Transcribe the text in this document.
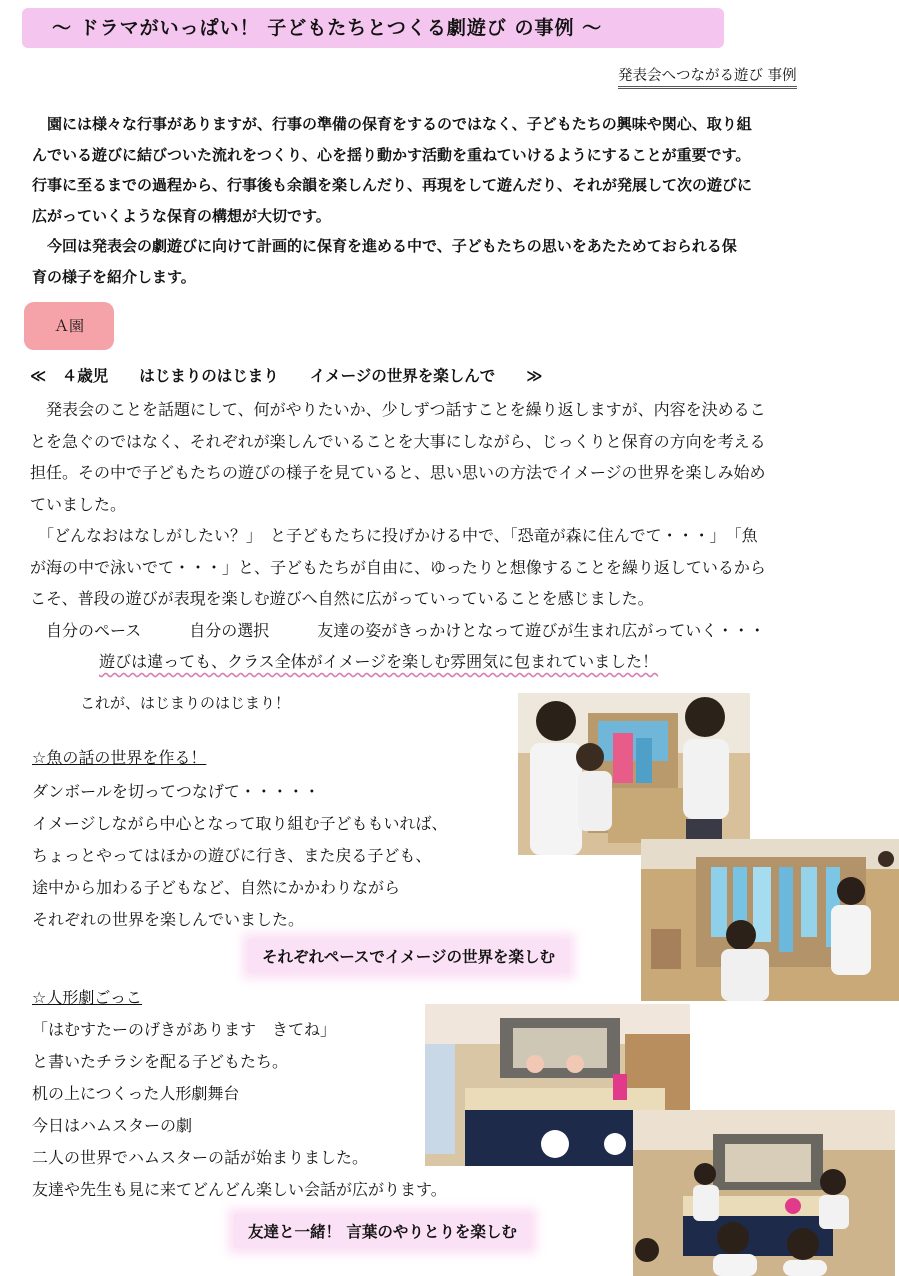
～ ドラマがいっぱい！ 子どもたちとつくる劇遊び の事例 ～
発表会へつながる遊び 事例

　園には様々な行事がありますが、行事の準備の保育をするのではなく、子どもたちの興味や関心、取り組

んでいる遊びに結びついた流れをつくり、心を揺り動かす活動を重ねていけるようにすることが重要です。

行事に至るまでの過程から、行事後も余韻を楽しんだり、再現をして遊んだり、それが発展して次の遊びに

広がっていくような保育の構想が大切です。

　今回は発表会の劇遊びに向けて計画的に保育を進める中で、子どもたちの思いをあたためておられる保

育の様子を紹介します。

Ａ園
≪　４歳児　　はじまりのはじまり　　イメージの世界を楽しんで　　≫

　発表会のことを話題にして、何がやりたいか、少しずつ話すことを繰り返しますが、内容を決めるこ

とを急ぐのではなく、それぞれが楽しんでいることを大事にしながら、じっくりと保育の方向を考える

担任。その中で子どもたちの遊びの様子を見ていると、思い思いの方法でイメージの世界を楽しみ始め

ていました。

　「どんなおはなしがしたい？」　と子どもたちに投げかける中で、「恐竜が森に住んでて・・・」　「魚

が海の中で泳いでて・・・」と、子どもたちが自由に、ゆったりと想像することを繰り返しているから

こそ、普段の遊びが表現を楽しむ遊びへ自然に広がっていっていることを感じました。

　自分のペース　　　自分の選択　　　友達の姿がきっかけとなって遊びが生まれ広がっていく・・・

　　　　 遊びは違っても、クラス全体がイメージを楽しむ雰囲気に包まれていました！

これが、はじまりのはじまり！
☆魚の話の世界を作る！

ダンボールを切ってつなげて・・・・・

イメージしながら中心となって取り組む子どももいれば、

ちょっとやってはほかの遊びに行き、また戻る子ども、

途中から加わる子どもなど、自然にかかわりながら

それぞれの世界を楽しんでいました。

それぞれペースでイメージの世界を楽しむ
☆人形劇ごっこ

「はむすたーのげきがあります　きてね」

と書いたチラシを配る子どもたち。

机の上につくった人形劇舞台

今日はハムスターの劇

二人の世界でハムスターの話が始まりました。

友達や先生も見に来てどんどん楽しい会話が広がります。

友達と一緒！ 言葉のやりとりを楽しむ
